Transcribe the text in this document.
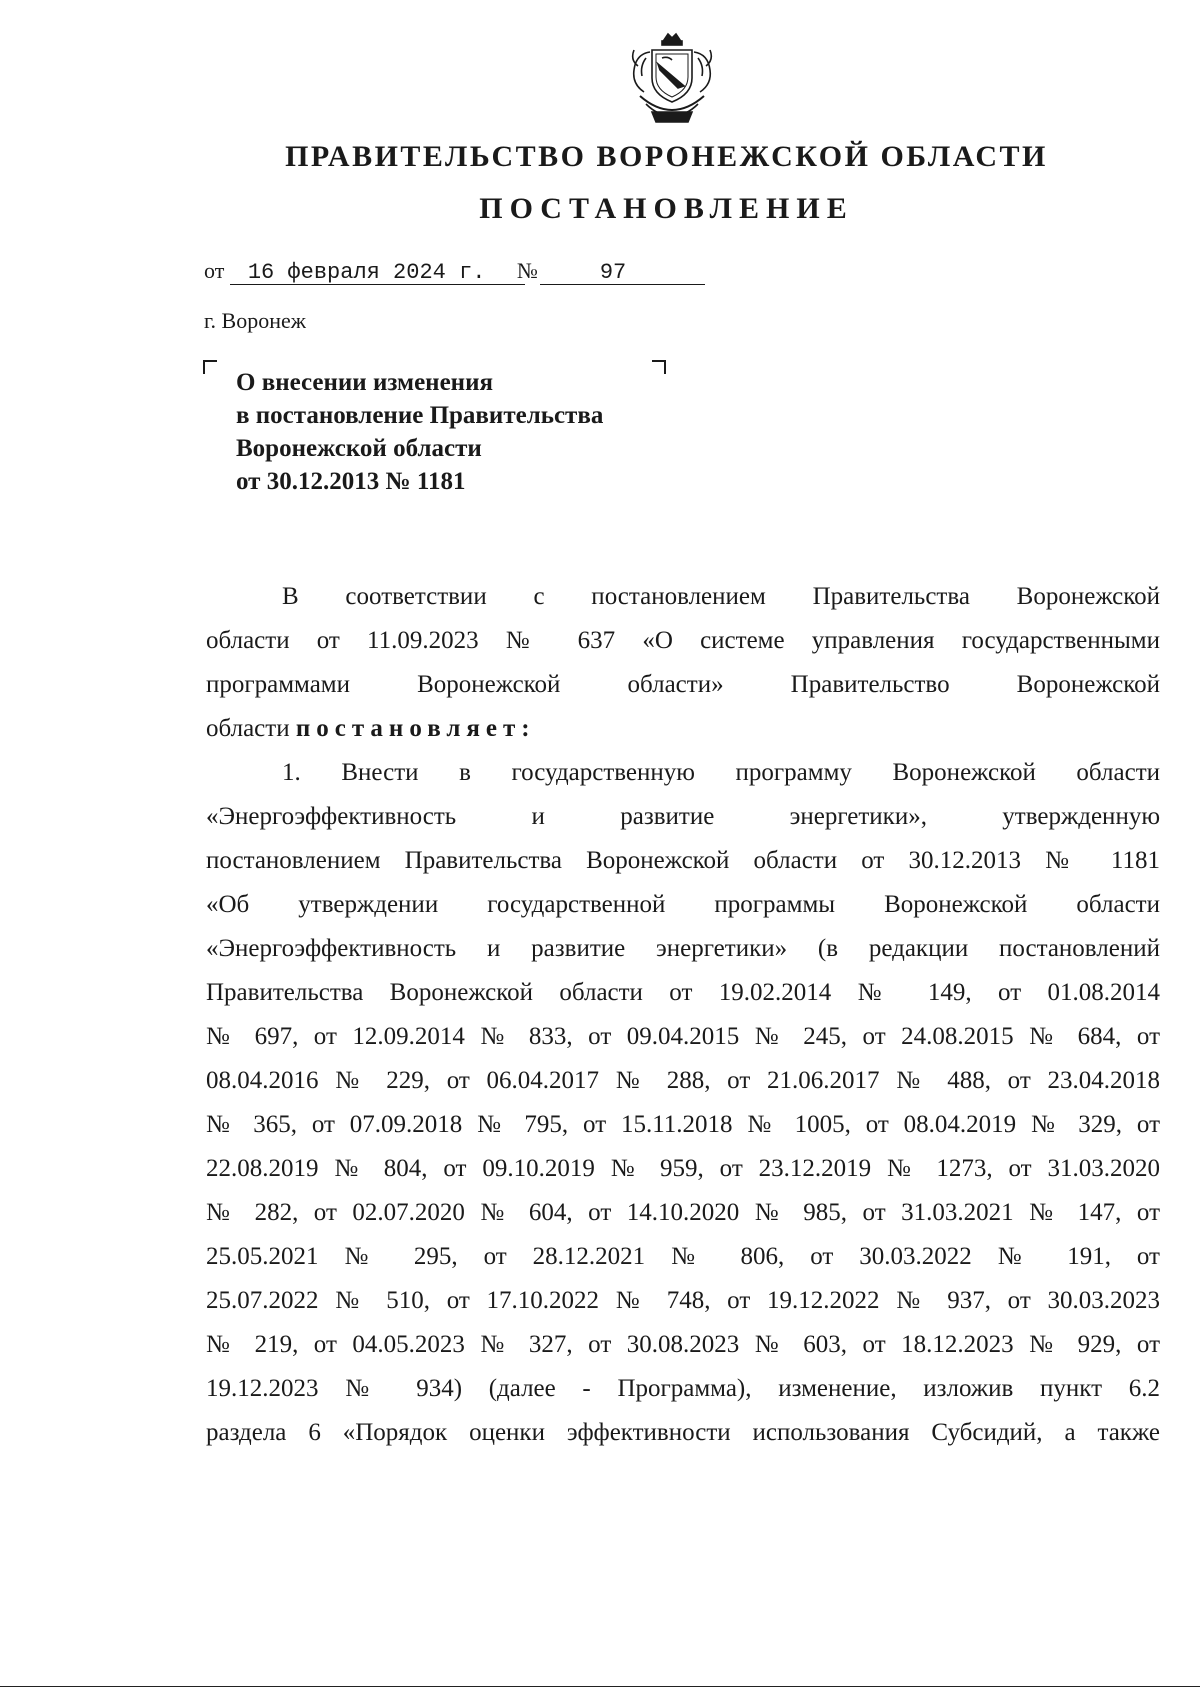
ПРАВИТЕЛЬСТВО ВОРОНЕЖСКОЙ ОБЛАСТИ
ПОСТАНОВЛЕНИЕ
от 16 февраля 2024 г. №	97
г. Воронеж
О внесении изменения
в постановление Правительства
Воронежской области
от 30.12.2013 № 1181
В соответствии с постановлением Правительства Воронежской
области от 11.09.2023 № 637 «О системе управления государственными
программами Воронежской области» Правительство Воронежской
области постановляет:
1. Внести в государственную программу Воронежской области
«Энергоэффективность и развитие энергетики», утвержденную
постановлением Правительства Воронежской области от 30.12.2013 № 1181
«Об утверждении государственной программы Воронежской области
«Энергоэффективность и развитие энергетики» (в редакции постановлений
Правительства Воронежской области от 19.02.2014 № 149, от 01.08.2014
№ 697, от 12.09.2014 № 833, от 09.04.2015 № 245, от 24.08.2015 № 684, от
08.04.2016 № 229, от 06.04.2017 № 288, от 21.06.2017 № 488, от 23.04.2018
№ 365, от 07.09.2018 № 795, от 15.11.2018 № 1005, от 08.04.2019 № 329, от
22.08.2019 № 804, от 09.10.2019 № 959, от 23.12.2019 № 1273, от 31.03.2020
№ 282, от 02.07.2020 № 604, от 14.10.2020 № 985, от 31.03.2021 № 147, от
25.05.2021 № 295, от 28.12.2021 № 806, от 30.03.2022 № 191, от
25.07.2022 № 510, от 17.10.2022 № 748, от 19.12.2022 № 937, от 30.03.2023
№ 219, от 04.05.2023 № 327, от 30.08.2023 № 603, от 18.12.2023 № 929, от
19.12.2023 № 934) (далее - Программа), изменение, изложив пункт 6.2
раздела 6 «Порядок оценки эффективности использования Субсидий, а также
